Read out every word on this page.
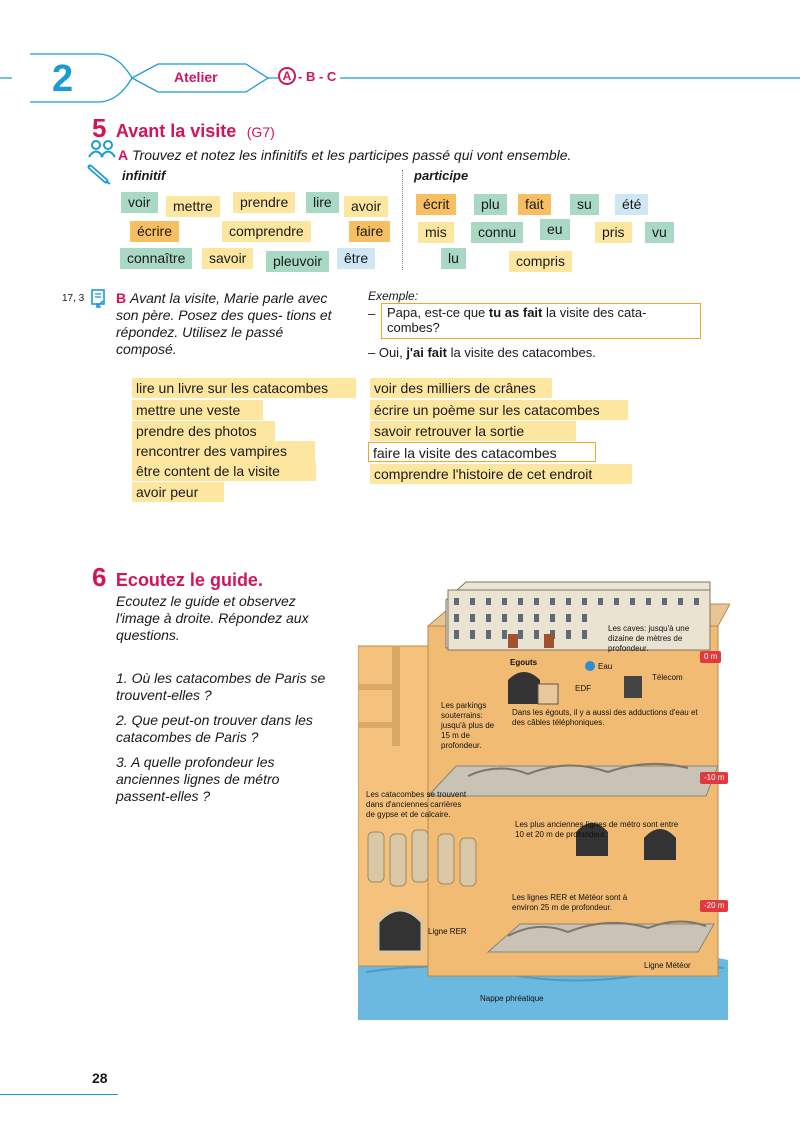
2	Atelier	A - B - C
5 Avant la visite (G7)
A Trouvez et notez les infinitifs et les participes passé qui vont ensemble.
infinitif	participe
voir	mettre	prendre	lire	avoir
écrire	comprendre	faire
connaître	savoir	pleuvoir	être
écrit	plu	fait	su	été
mis	connu	eu	pris	vu
lu	compris
17, 3 B Avant la visite, Marie parle avec son père. Posez des ques- tions et répondez. Utilisez le passé composé.
Exemple:
– Papa, est-ce que tu as fait la visite des cata- combes?
– Oui, j'ai fait la visite des catacombes.
lire un livre sur les catacombes
mettre une veste
prendre des photos
rencontrer des vampires
être content de la visite
avoir peur
voir des milliers de crânes
écrire un poème sur les catacombes
savoir retrouver la sortie
faire la visite des catacombes
comprendre l'histoire de cet endroit
6 Ecoutez le guide.
Ecoutez le guide et observez l'image à droite. Répondez aux questions.
1. Où les catacombes de Paris se trouvent-elles ?
2. Que peut-on trouver dans les catacombes de Paris ?
3. A quelle profondeur les anciennes lignes de métro passent-elles ?
Les caves: jusqu'à une dizaine de mètres de profondeur.
Les parkings souterrains: jusqu'à plus de 15 m de profondeur.
Egouts	Eau
Télecom
EDF
Dans les égouts, il y a aussi des adductions d'eau et des câbles téléphoniques.
Les catacombes se trouvent dans d'anciennes carrières de gypse et de calcaire.
Les plus anciennes lignes de métro sont entre 10 et 20 m de profondeur.
Les lignes RER et Météor sont à environ 25 m de profondeur.
Ligne RER
Ligne Météor
Nappe phréatique
0 m
-10 m
-20 m
28
